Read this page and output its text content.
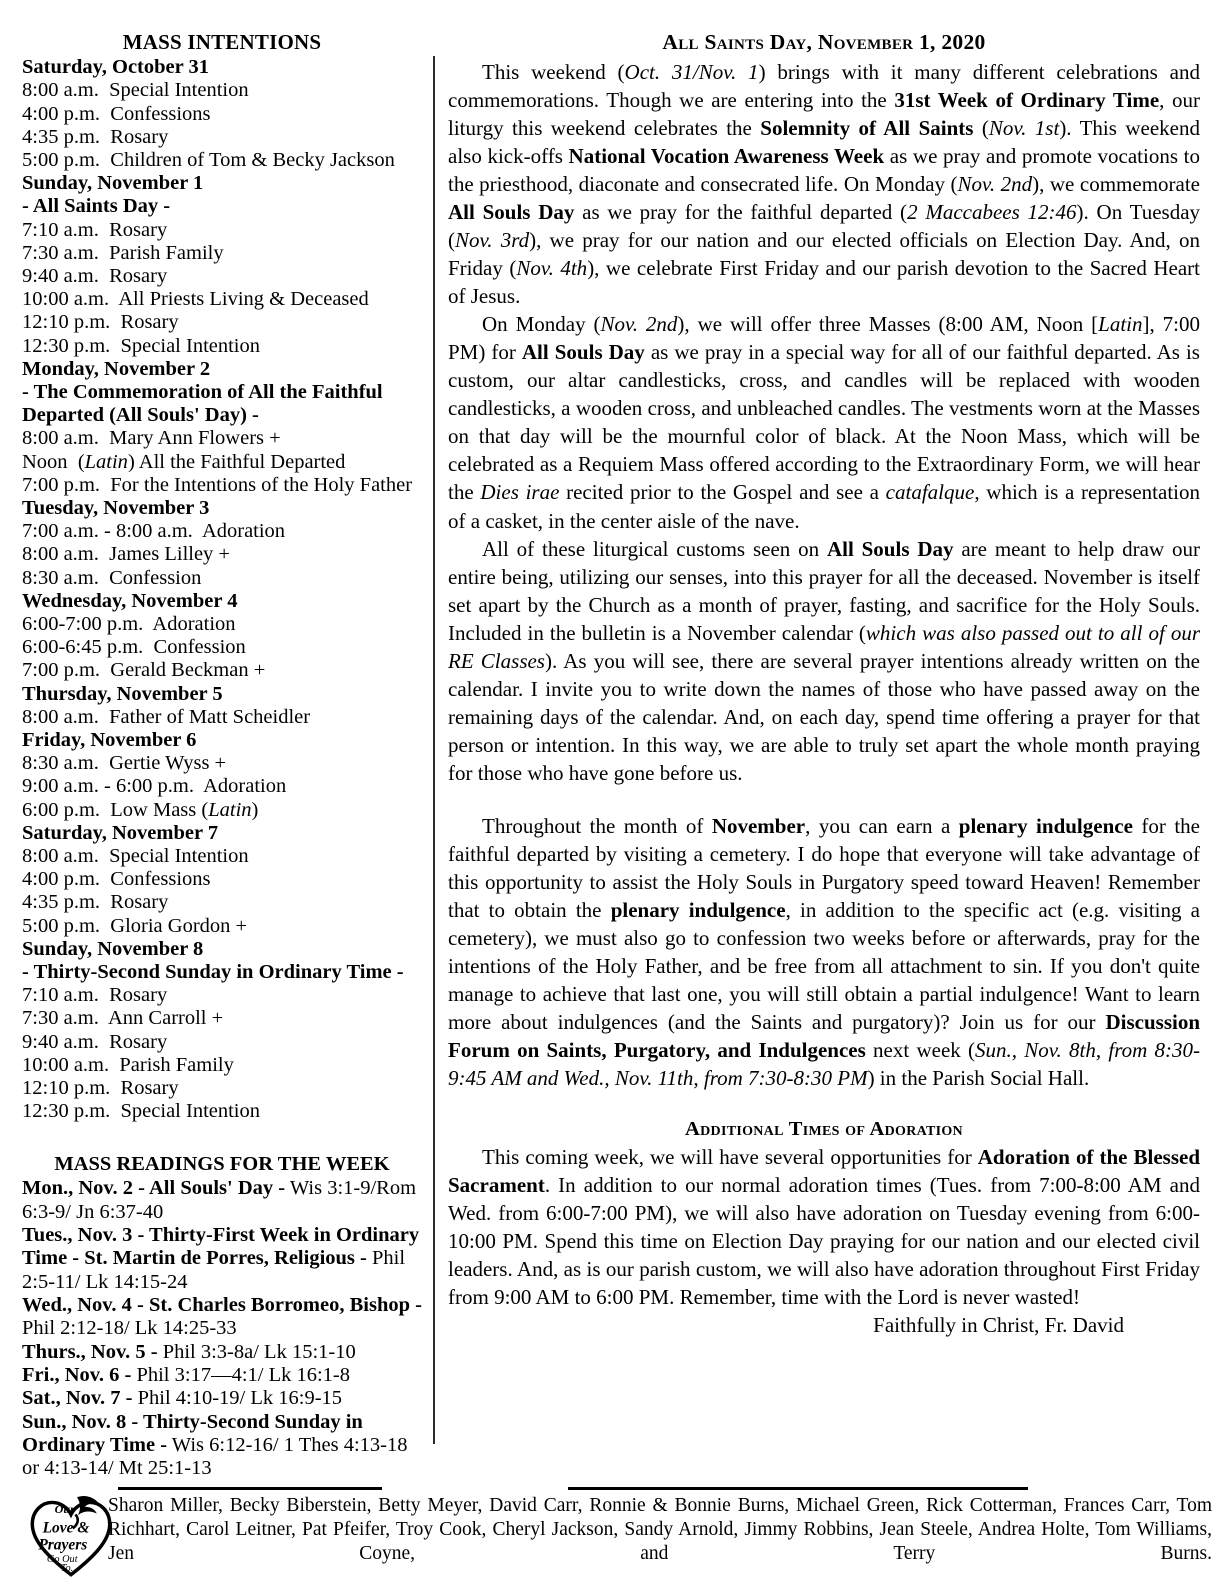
MASS INTENTIONS
Saturday, October 31
8:00 a.m. Special Intention
4:00 p.m. Confessions
4:35 p.m. Rosary
5:00 p.m. Children of Tom & Becky Jackson
Sunday, November 1
- All Saints Day -
7:10 a.m. Rosary
7:30 a.m. Parish Family
9:40 a.m. Rosary
10:00 a.m. All Priests Living & Deceased
12:10 p.m. Rosary
12:30 p.m. Special Intention
Monday, November 2
- The Commemoration of All the Faithful Departed (All Souls' Day) -
8:00 a.m. Mary Ann Flowers +
Noon (Latin) All the Faithful Departed
7:00 p.m. For the Intentions of the Holy Father
Tuesday, November 3
7:00 a.m. - 8:00 a.m. Adoration
8:00 a.m. James Lilley +
8:30 a.m. Confession
Wednesday, November 4
6:00-7:00 p.m. Adoration
6:00-6:45 p.m. Confession
7:00 p.m. Gerald Beckman +
Thursday, November 5
8:00 a.m. Father of Matt Scheidler
Friday, November 6
8:30 a.m. Gertie Wyss +
9:00 a.m. - 6:00 p.m. Adoration
6:00 p.m. Low Mass (Latin)
Saturday, November 7
8:00 a.m. Special Intention
4:00 p.m. Confessions
4:35 p.m. Rosary
5:00 p.m. Gloria Gordon +
Sunday, November 8
- Thirty-Second Sunday in Ordinary Time -
7:10 a.m. Rosary
7:30 a.m. Ann Carroll +
9:40 a.m. Rosary
10:00 a.m. Parish Family
12:10 p.m. Rosary
12:30 p.m. Special Intention
MASS READINGS FOR THE WEEK
Mon., Nov. 2 - All Souls' Day - Wis 3:1-9/Rom 6:3-9/ Jn 6:37-40
Tues., Nov. 3 - Thirty-First Week in Ordinary Time - St. Martin de Porres, Religious - Phil 2:5-11/ Lk 14:15-24
Wed., Nov. 4 - St. Charles Borromeo, Bishop - Phil 2:12-18/ Lk 14:25-33
Thurs., Nov. 5 - Phil 3:3-8a/ Lk 15:1-10
Fri., Nov. 6 - Phil 3:17—4:1/ Lk 16:1-8
Sat., Nov. 7 - Phil 4:10-19/ Lk 16:9-15
Sun., Nov. 8 - Thirty-Second Sunday in Ordinary Time - Wis 6:12-16/ 1 Thes 4:13-18 or 4:13-14/ Mt 25:1-13
All Saints Day, November 1, 2020

This weekend (Oct. 31/Nov. 1) brings with it many different celebrations and commemorations. Though we are entering into the 31st Week of Ordinary Time, our liturgy this weekend celebrates the Solemnity of All Saints (Nov. 1st). This weekend also kick-offs National Vocation Awareness Week as we pray and promote vocations to the priesthood, diaconate and consecrated life. On Monday (Nov. 2nd), we commemorate All Souls Day as we pray for the faithful departed (2 Maccabees 12:46). On Tuesday (Nov. 3rd), we pray for our nation and our elected officials on Election Day. And, on Friday (Nov. 4th), we celebrate First Friday and our parish devotion to the Sacred Heart of Jesus.

On Monday (Nov. 2nd), we will offer three Masses (8:00 AM, Noon [Latin], 7:00 PM) for All Souls Day as we pray in a special way for all of our faithful departed. As is custom, our altar candlesticks, cross, and candles will be replaced with wooden candlesticks, a wooden cross, and unbleached candles. The vestments worn at the Masses on that day will be the mournful color of black. At the Noon Mass, which will be celebrated as a Requiem Mass offered according to the Extraordinary Form, we will hear the Dies irae recited prior to the Gospel and see a catafalque, which is a representation of a casket, in the center aisle of the nave.

All of these liturgical customs seen on All Souls Day are meant to help draw our entire being, utilizing our senses, into this prayer for all the deceased. November is itself set apart by the Church as a month of prayer, fasting, and sacrifice for the Holy Souls. Included in the bulletin is a November calendar (which was also passed out to all of our RE Classes). As you will see, there are several prayer intentions already written on the calendar. I invite you to write down the names of those who have passed away on the remaining days of the calendar. And, on each day, spend time offering a prayer for that person or intention. In this way, we are able to truly set apart the whole month praying for those who have gone before us.

Throughout the month of November, you can earn a plenary indulgence for the faithful departed by visiting a cemetery. I do hope that everyone will take advantage of this opportunity to assist the Holy Souls in Purgatory speed toward Heaven! Remember that to obtain the plenary indulgence, in addition to the specific act (e.g. visiting a cemetery), we must also go to confession two weeks before or afterwards, pray for the intentions of the Holy Father, and be free from all attachment to sin. If you don't quite manage to achieve that last one, you will still obtain a partial indulgence! Want to learn more about indulgences (and the Saints and purgatory)? Join us for our Discussion Forum on Saints, Purgatory, and Indulgences next week (Sun., Nov. 8th, from 8:30-9:45 AM and Wed., Nov. 11th, from 7:30-8:30 PM) in the Parish Social Hall.

Additional Times of Adoration

This coming week, we will have several opportunities for Adoration of the Blessed Sacrament. In addition to our normal adoration times (Tues. from 7:00-8:00 AM and Wed. from 6:00-7:00 PM), we will also have adoration on Tuesday evening from 6:00-10:00 PM. Spend this time on Election Day praying for our nation and our elected civil leaders. And, as is our parish custom, we will also have adoration throughout First Friday from 9:00 AM to 6:00 PM. Remember, time with the Lord is never wasted!

Faithfully in Christ, Fr. David
Our
Love &
Prayers
Go Out
To...
Sharon Miller, Becky Biberstein, Betty Meyer, David Carr, Ronnie & Bonnie Burns, Michael Green, Rick Cotterman, Frances Carr, Tom Richhart, Carol Leitner, Pat Pfeifer, Troy Cook, Cheryl Jackson, Sandy Arnold, Jimmy Robbins, Jean Steele, Andrea Holte, Tom Williams, Jen Coyne, and Terry Burns.
